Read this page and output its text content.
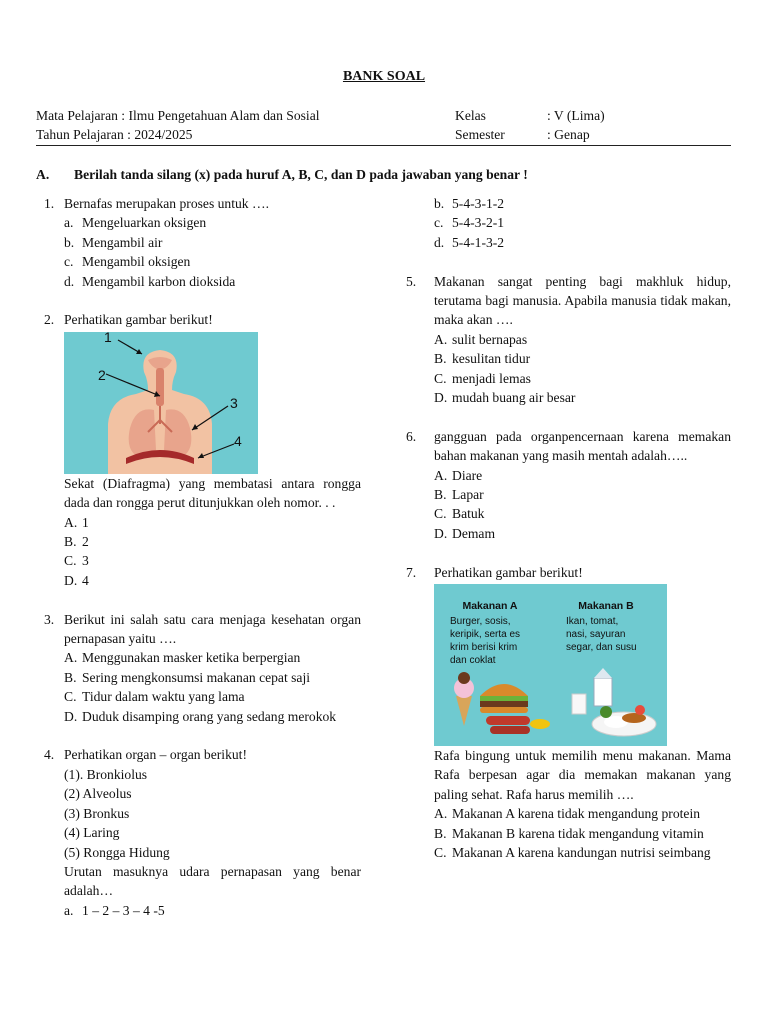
BANK SOAL
Mata Pelajaran : Ilmu Pengetahuan Alam dan Sosial
Tahun Pelajaran : 2024/2025
Kelas	: V (Lima)
Semester	: Genap
A. Berilah tanda silang (x) pada huruf A, B, C, dan D pada jawaban yang benar !
1. Bernafas merupakan proses untuk ….
a. Mengeluarkan oksigen
b. Mengambil air
c. Mengambil oksigen
d. Mengambil karbon dioksida
2. Perhatikan gambar berikut!
1
2
3
4
Sekat (Diafragma) yang membatasi antara rongga dada dan rongga perut ditunjukkan oleh nomor. . .
A. 1
B. 2
C. 3
D. 4
3. Berikut ini salah satu cara menjaga kesehatan organ pernapasan yaitu ….
A. Menggunakan masker ketika berpergian
B. Sering mengkonsumsi makanan cepat saji
C. Tidur dalam waktu yang lama
D. Duduk disamping orang yang sedang merokok
4. Perhatikan organ – organ berikut!
(1). Bronkiolus
(2) Alveolus
(3) Bronkus
(4) Laring
(5) Rongga Hidung
Urutan masuknya udara pernapasan yang benar adalah…
a. 1 – 2 – 3 – 4 -5
b. 5-4-3-1-2
c. 5-4-3-2-1
d. 5-4-1-3-2
5. Makanan sangat penting bagi makhluk hidup, terutama bagi manusia. Apabila manusia tidak makan, maka akan ….
A. sulit bernapas
B. kesulitan tidur
C. menjadi lemas
D. mudah buang air besar
6. gangguan pada organpencernaan karena memakan bahan makanan yang masih mentah adalah…..
A. Diare
B. Lapar
C. Batuk
D. Demam
7. Perhatikan gambar berikut!
Makanan A	Makanan B
Burger, sosis,
keripik, serta es
krim berisi krim
dan coklat
Ikan, tomat,
nasi, sayuran
segar, dan susu
Rafa bingung untuk memilih menu makanan. Mama Rafa berpesan agar dia memakan makanan yang paling sehat. Rafa harus memilih ….
A. Makanan A karena tidak mengandung protein
B. Makanan B karena tidak mengandung vitamin
C. Makanan A karena kandungan nutrisi seimbang
